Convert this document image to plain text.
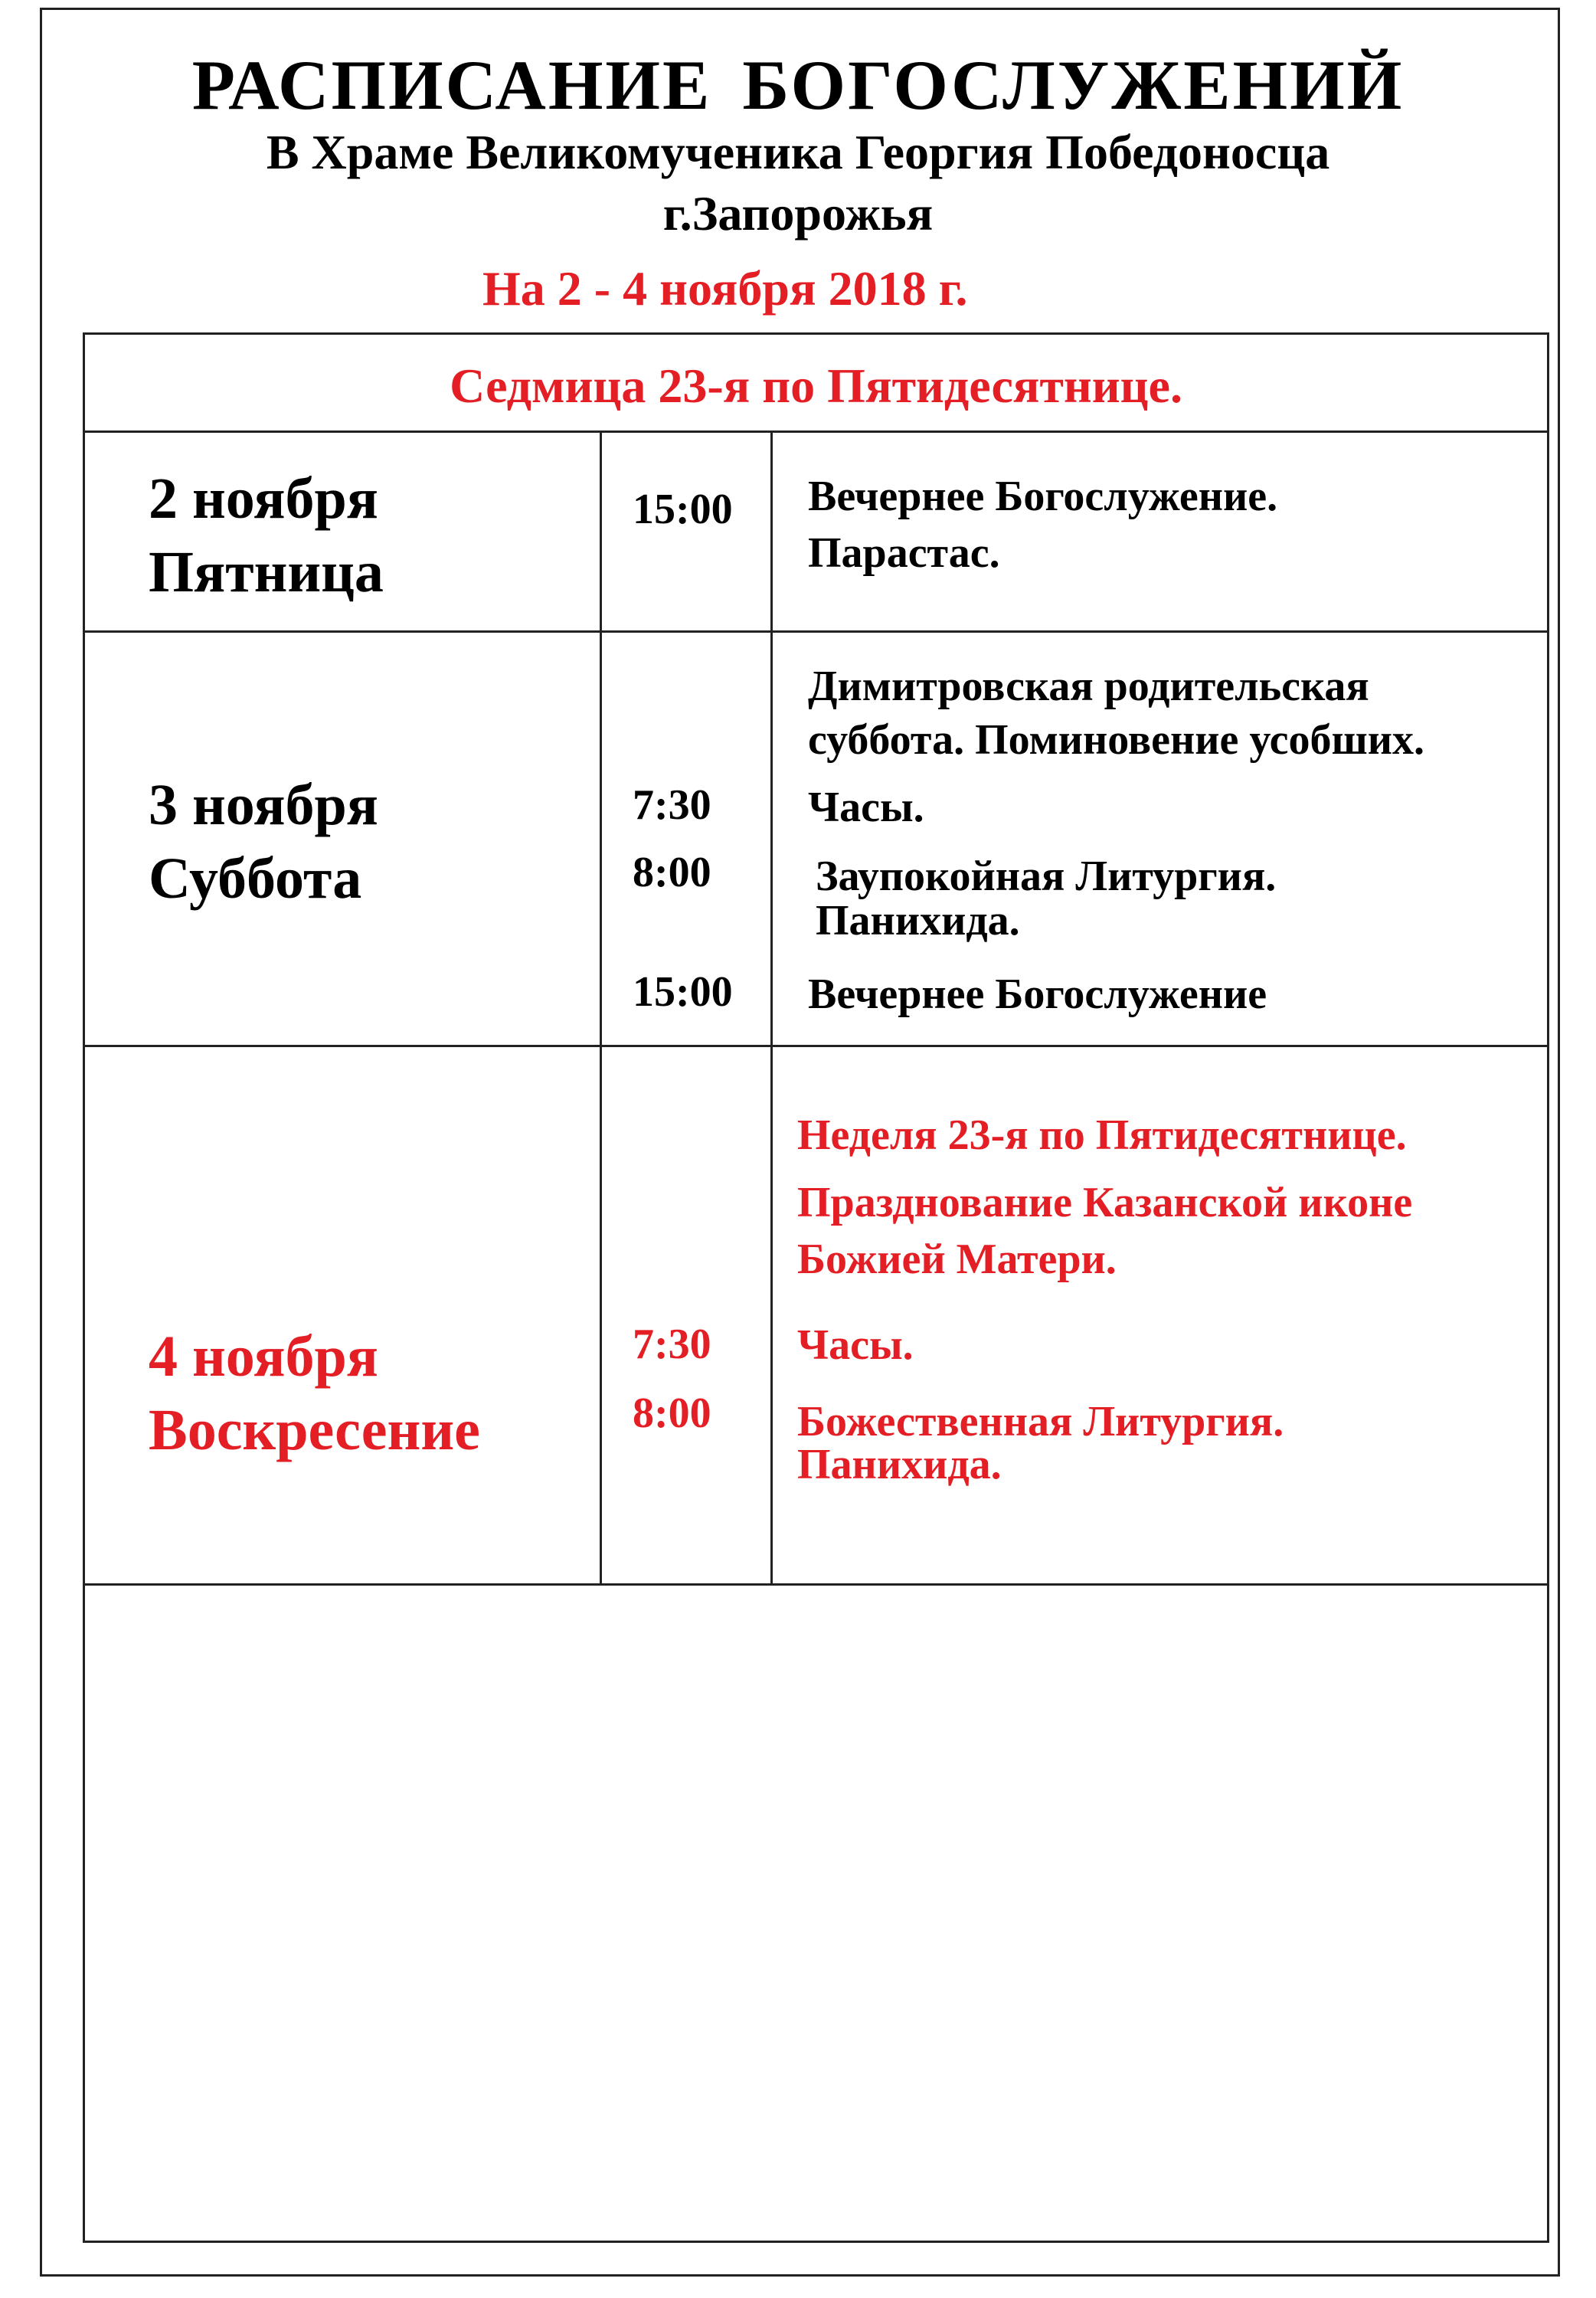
РАСПИСАНИЕ БОГОСЛУЖЕНИЙ
В Храме Великомученика Георгия Победоносца
г.Запорожья
На 2 - 4 ноября 2018 г.
Седмица 23-я по Пятидесятнице.
2 ноября
Пятница
15:00 Вечернее Богослужение.
Парастас.
Димитровская родительская
суббота. Поминовение усобших.
3 ноября
Суббота
7:30
8:00
15:00
Часы.
Заупокойная Литургия.
Панихида.
Вечернее Богослужение
Неделя 23-я по Пятидесятнице.
Празднование Казанской иконе
Божией Матери.
4 ноября
Воскресение
7:30
8:00
Часы.
Божественная Литургия.
Панихида.
